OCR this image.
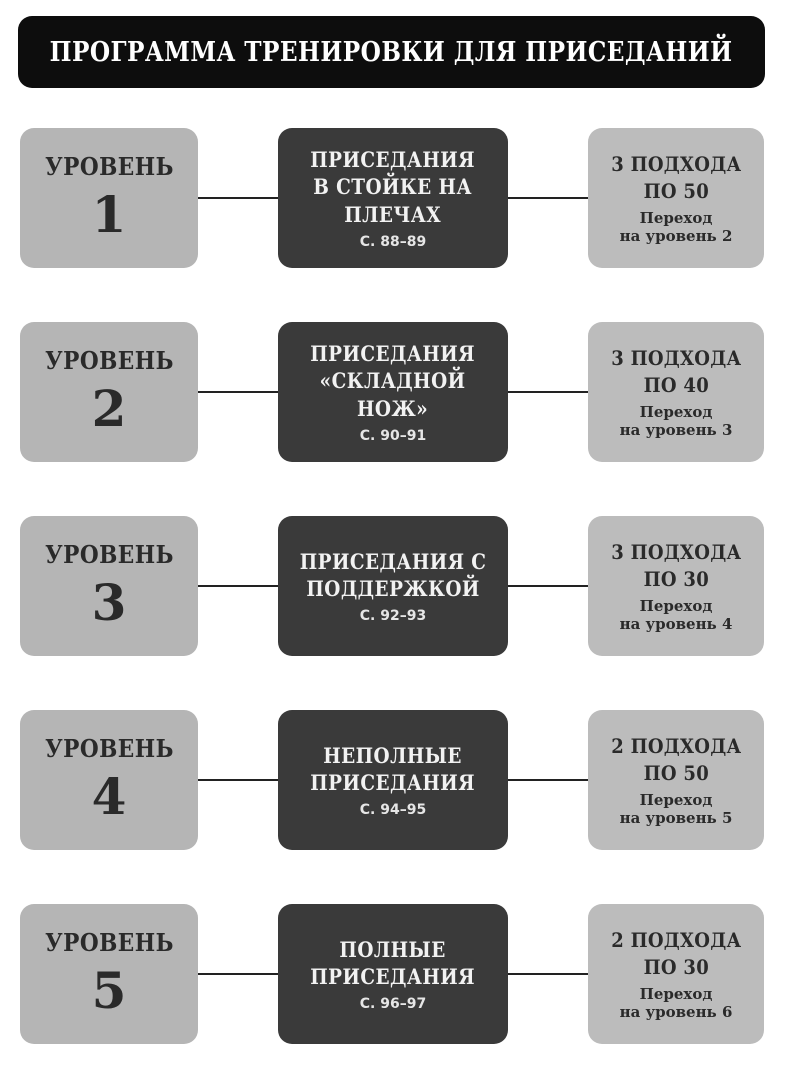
ПРОГРАММА ТРЕНИРОВКИ ДЛЯ ПРИСЕДАНИЙ
УРОВЕНЬ
1
ПРИСЕДАНИЯ
В СТОЙКЕ НА
ПЛЕЧАХ
С. 88–89
3 ПОДХОДА
ПО 50
Переход
на уровень 2
УРОВЕНЬ
2
ПРИСЕДАНИЯ
«СКЛАДНОЙ
НОЖ»
С. 90–91
3 ПОДХОДА
ПО 40
Переход
на уровень 3
УРОВЕНЬ
3
ПРИСЕДАНИЯ С
ПОДДЕРЖКОЙ
С. 92–93
3 ПОДХОДА
ПО 30
Переход
на уровень 4
УРОВЕНЬ
4
НЕПОЛНЫЕ
ПРИСЕДАНИЯ
С. 94–95
2 ПОДХОДА
ПО 50
Переход
на уровень 5
УРОВЕНЬ
5
ПОЛНЫЕ
ПРИСЕДАНИЯ
С. 96–97
2 ПОДХОДА
ПО 30
Переход
на уровень 6
